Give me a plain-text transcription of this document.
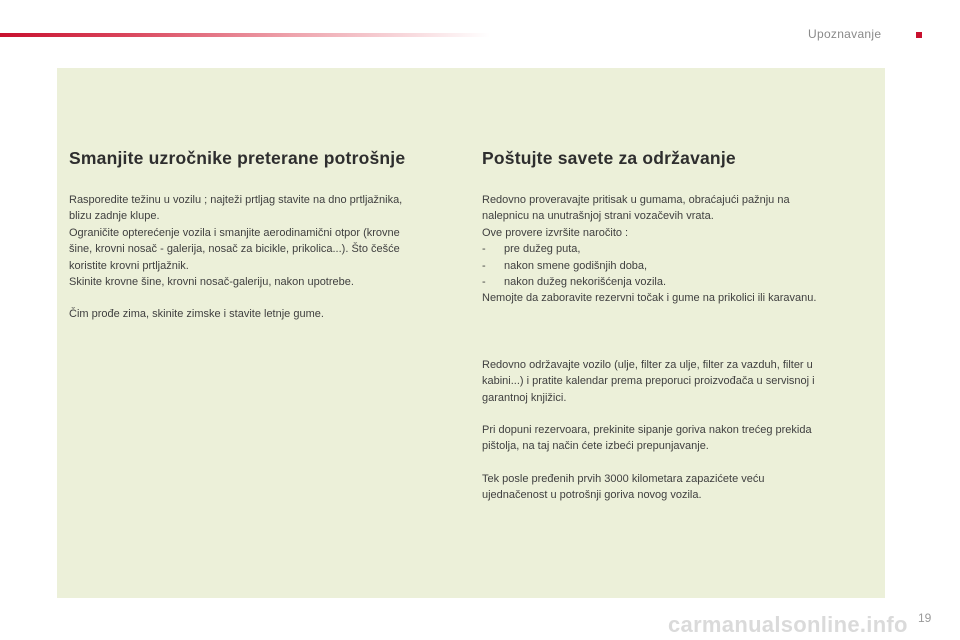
Upoznavanje
Smanjite uzročnike preterane potrošnje

Rasporedite težinu u vozilu ; najteži prtljag stavite na dno prtljažnika,
blizu zadnje klupe.
Ograničite opterećenje vozila i smanjite aerodinamični otpor (krovne
šine, krovni nosač - galerija, nosač za bicikle, prikolica...). Što češće
koristite krovni prtljažnik.
Skinite krovne šine, krovni nosač-galeriju, nakon upotrebe.

Čim prođe zima, skinite zimske i stavite letnje gume.

Poštujte savete za održavanje

Redovno proveravajte pritisak u gumama, obraćajući pažnju na
nalepnicu na unutrašnjoj strani vozačevih vrata.
Ove provere izvršite naročito :

-	pre dužeg puta,

-	nakon smene godišnjih doba,

-	nakon dužeg nekorišćenja vozila.

Nemojte da zaboravite rezervni točak i gume na prikolici ili karavanu.

Redovno održavajte vozilo (ulje, filter za ulje, filter za vazduh, filter u
kabini...) i pratite kalendar prema preporuci proizvođača u servisnoj i
garantnoj knjižici.

Pri dopuni rezervoara, prekinite sipanje goriva nakon trećeg prekida
pištolja, na taj način ćete izbeći prepunjavanje.

Tek posle pređenih prvih 3000 kilometara zapazićete veću
ujednačenost u potrošnji goriva novog vozila.

carmanualsonline.info 19
